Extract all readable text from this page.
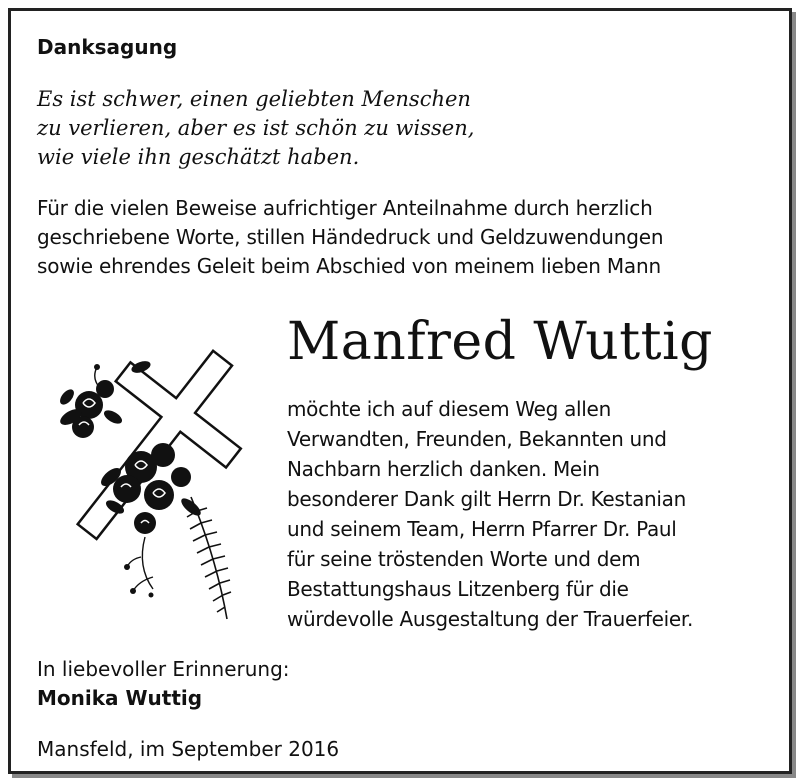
Danksagung
Es ist schwer, einen geliebten Menschen
zu verlieren, aber es ist schön zu wissen,
wie viele ihn geschätzt haben.
Für die vielen Beweise aufrichtiger Anteilnahme durch herzlich
geschriebene Worte, stillen Händedruck und Geldzuwendungen
sowie ehrendes Geleit beim Abschied von meinem lieben Mann
Manfred Wuttig
möchte ich auf diesem Weg allen
Verwandten, Freunden, Bekannten und
Nachbarn herzlich danken. Mein
besonderer Dank gilt Herrn Dr. Kestanian
und seinem Team, Herrn Pfarrer Dr. Paul
für seine tröstenden Worte und dem
Bestattungshaus Litzenberg für die
würdevolle Ausgestaltung der Trauerfeier.
In liebevoller Erinnerung:
Monika Wuttig
Mansfeld, im September 2016
